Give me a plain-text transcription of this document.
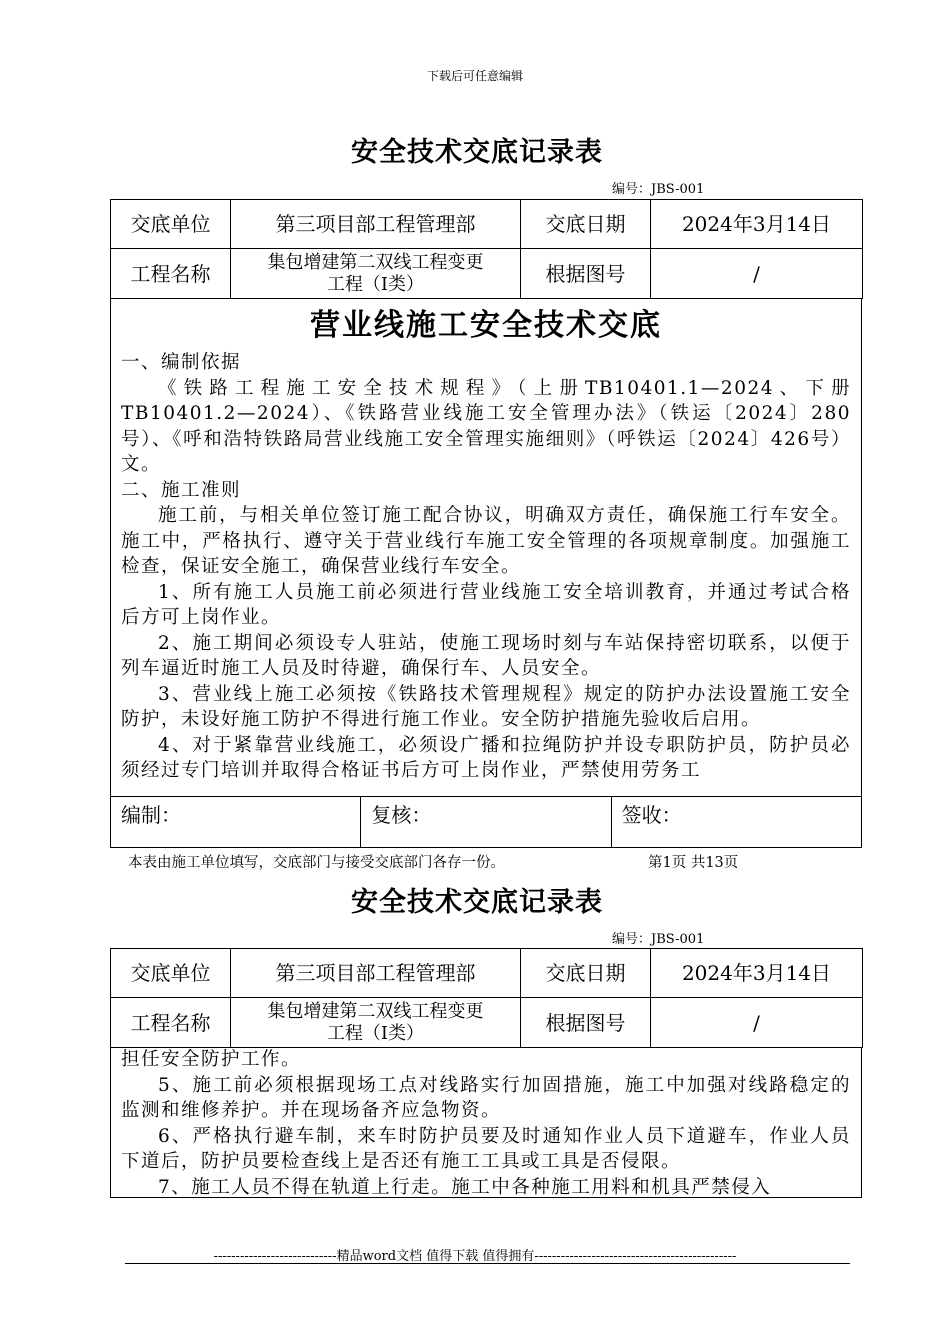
下载后可任意编辑
安全技术交底记录表
编号：JBS-001
交底单位	第三项目部工程管理部	交底日期	2024年3月14日
工程名称	集包增建第二双线工程变更工程（I类）	根据图号	/
营业线施工安全技术交底

一、编制依据

《铁路工程施工安全技术规程》（上册TB10401.1—2024、下册TB10401.2—2024）、《铁路营业线施工安全管理办法》（铁运〔2024〕280号）、《呼和浩特铁路局营业线施工安全管理实施细则》（呼铁运〔2024〕426号）文。

二、施工准则

施工前，与相关单位签订施工配合协议，明确双方责任，确保施工行车安全。施工中，严格执行、遵守关于营业线行车施工安全管理的各项规章制度。加强施工检查，保证安全施工，确保营业线行车安全。

1、所有施工人员施工前必须进行营业线施工安全培训教育，并通过考试合格后方可上岗作业。

2、施工期间必须设专人驻站，使施工现场时刻与车站保持密切联系，以便于列车逼近时施工人员及时待避，确保行车、人员安全。

3、营业线上施工必须按《铁路技术管理规程》规定的防护办法设置施工安全防护，未设好施工防护不得进行施工作业。安全防护措施先验收后启用。

4、对于紧靠营业线施工，必须设广播和拉绳防护并设专职防护员，防护员必须经过专门培训并取得合格证书后方可上岗作业，严禁使用劳务工

编制：	复核：	签收：
本表由施工单位填写，交底部门与接受交底部门各存一份。	第1页 共13页
安全技术交底记录表
编号：JBS-001
交底单位	第三项目部工程管理部	交底日期	2024年3月14日
工程名称	集包增建第二双线工程变更工程（I类）	根据图号	/

担任安全防护工作。

5、施工前必须根据现场工点对线路实行加固措施，施工中加强对线路稳定的监测和维修养护。并在现场备齐应急物资。

6、严格执行避车制，来车时防护员要及时通知作业人员下道避车，作业人员下道后，防护员要检查线上是否还有施工工具或工具是否侵限。

7、施工人员不得在轨道上行走。施工中各种施工用料和机具严禁侵入

----------------------------精品word文档 值得下载 值得拥有----------------------------------------------
